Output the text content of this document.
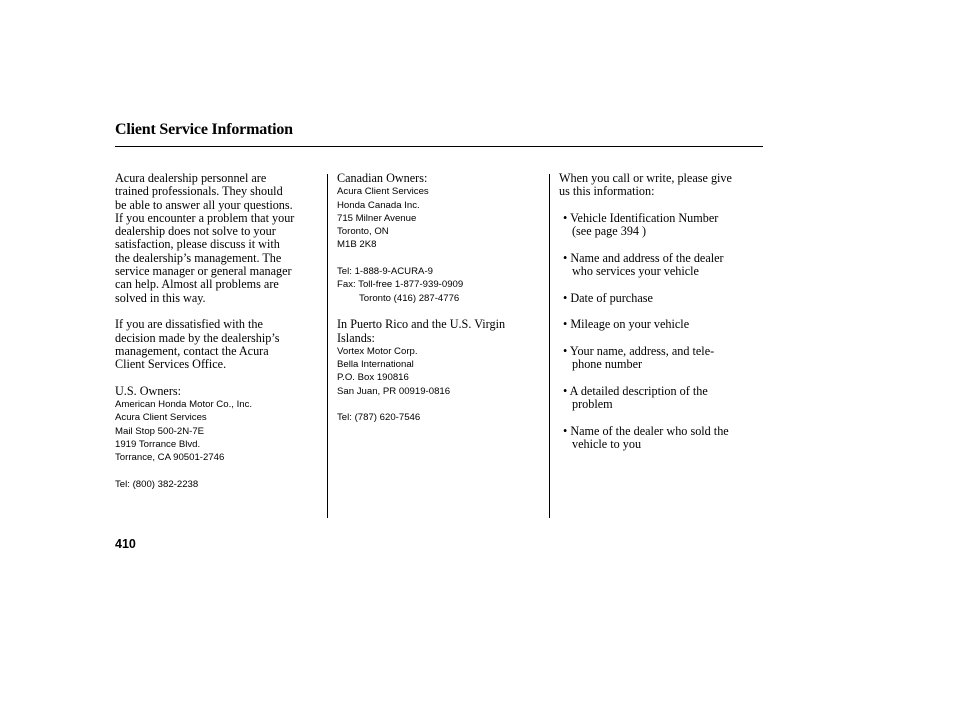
Client Service Information
Acura dealership personnel are
trained professionals. They should
be able to answer all your questions.
If you encounter a problem that your
dealership does not solve to your
satisfaction, please discuss it with
the dealership’s management. The
service manager or general manager
can help. Almost all problems are
solved in this way.
If you are dissatisfied with the
decision made by the dealership’s
management, contact the Acura
Client Services Office.
U.S. Owners:
American Honda Motor Co., Inc.
Acura Client Services
Mail Stop 500-2N-7E
1919 Torrance Blvd.
Torrance, CA 90501-2746
Tel: (800) 382-2238
Canadian Owners:
Acura Client Services
Honda Canada Inc.
715 Milner Avenue
Toronto, ON
M1B 2K8
Tel: 1-888-9-ACURA-9
Fax: Toll-free 1-877-939-0909
Toronto (416) 287-4776
In Puerto Rico and the U.S. Virgin
Islands:
Vortex Motor Corp.
Bella International
P.O. Box 190816
San Juan, PR 00919-0816
Tel: (787) 620-7546
When you call or write, please give
us this information:
• Vehicle Identification Number
(see page 394 )
• Name and address of the dealer
who services your vehicle
• Date of purchase
• Mileage on your vehicle
• Your name, address, and tele-
phone number
• A detailed description of the
problem
• Name of the dealer who sold the
vehicle to you
410
